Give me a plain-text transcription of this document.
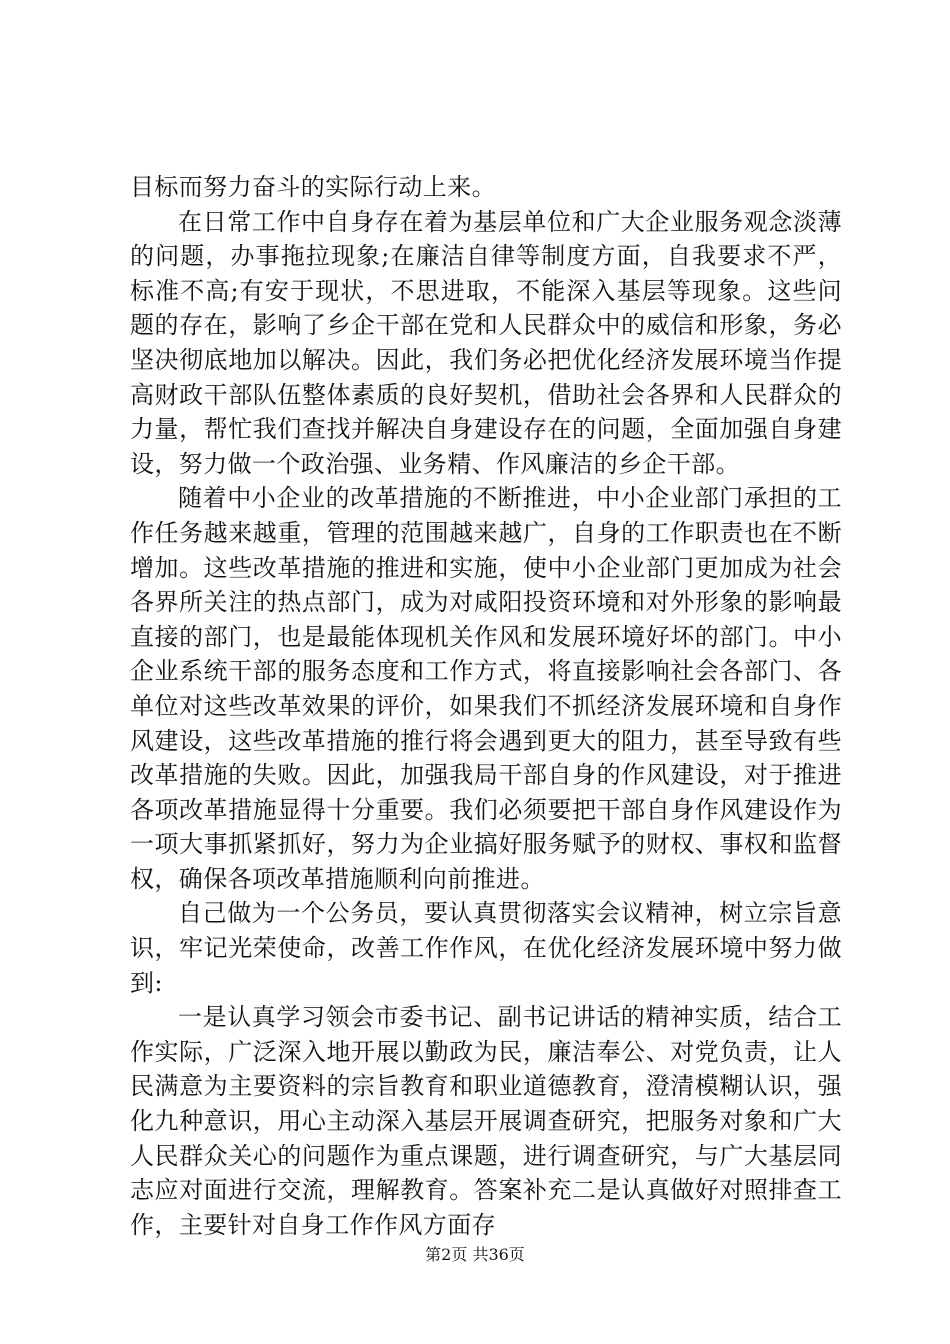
目标而努力奋斗的实际行动上来。

在日常工作中自身存在着为基层单位和广大企业服务观念淡薄的问题，办事拖拉现象;在廉洁自律等制度方面，自我要求不严，标准不高;有安于现状，不思进取，不能深入基层等现象。这些问题的存在，影响了乡企干部在党和人民群众中的威信和形象，务必坚决彻底地加以解决。因此，我们务必把优化经济发展环境当作提高财政干部队伍整体素质的良好契机，借助社会各界和人民群众的力量，帮忙我们查找并解决自身建设存在的问题，全面加强自身建设，努力做一个政治强、业务精、作风廉洁的乡企干部。

随着中小企业的改革措施的不断推进，中小企业部门承担的工作任务越来越重，管理的范围越来越广，自身的工作职责也在不断增加。这些改革措施的推进和实施，使中小企业部门更加成为社会各界所关注的热点部门，成为对咸阳投资环境和对外形象的影响最直接的部门，也是最能体现机关作风和发展环境好坏的部门。中小企业系统干部的服务态度和工作方式，将直接影响社会各部门、各单位对这些改革效果的评价，如果我们不抓经济发展环境和自身作风建设，这些改革措施的推行将会遇到更大的阻力，甚至导致有些改革措施的失败。因此，加强我局干部自身的作风建设，对于推进各项改革措施显得十分重要。我们必须要把干部自身作风建设作为一项大事抓紧抓好，努力为企业搞好服务赋予的财权、事权和监督权，确保各项改革措施顺利向前推进。

自己做为一个公务员，要认真贯彻落实会议精神，树立宗旨意识，牢记光荣使命，改善工作作风，在优化经济发展环境中努力做到:

一是认真学习领会市委书记、副书记讲话的精神实质，结合工作实际，广泛深入地开展以勤政为民，廉洁奉公、对党负责，让人民满意为主要资料的宗旨教育和职业道德教育，澄清模糊认识，强化九种意识，用心主动深入基层开展调查研究，把服务对象和广大人民群众关心的问题作为重点课题，进行调查研究，与广大基层同志应对面进行交流，理解教育。答案补充二是认真做好对照排查工作，主要针对自身工作作风方面存

第2页 共36页
